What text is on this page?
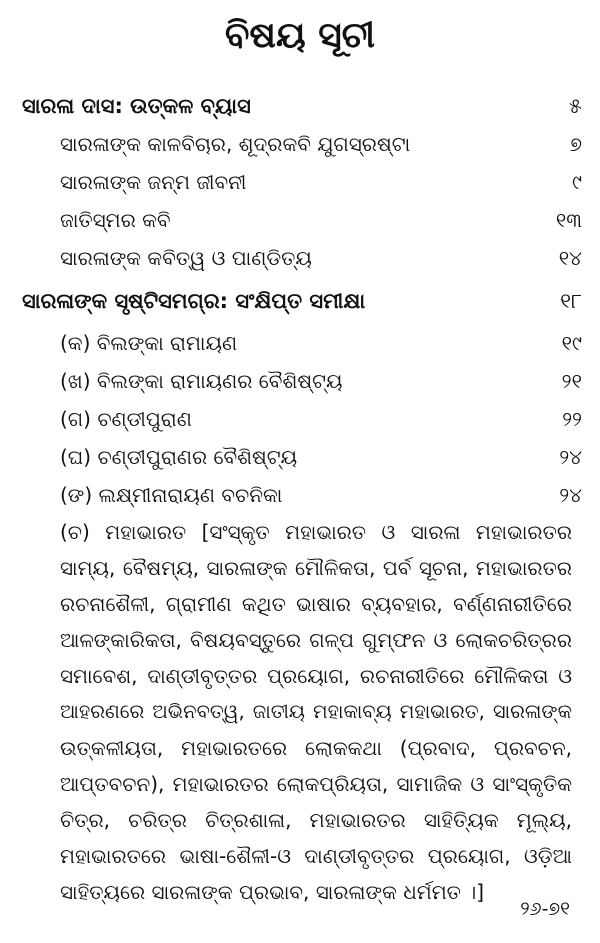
ବିଷୟ ସୂଚୀ
ସାରଳା ଦାସ: ଉତ୍କଳ ବ୍ୟାସ	୫
ସାରଳାଙ୍କ କାଳବିଚାର, ଶୂଦ୍ରକବି ଯୁଗସ୍ରଷ୍ଟା	୭
ସାରଳାଙ୍କ ଜନ୍ମ ଜୀବନୀ	୯
ଜାତିସ୍ମର କବି	୧୩
ସାରଳାଙ୍କ କବିତ୍ୱ ଓ ପାଣ୍ଡିତ୍ୟ	୧୪
ସାରଳାଙ୍କ ସୃଷ୍ଟିସମଗ୍ର: ସଂକ୍ଷିପ୍ତ ସମୀକ୍ଷା	୧୮
(କ) ବିଲଙ୍କା ରାମାୟଣ	୧୯
(ଖ) ବିଲଙ୍କା ରାମାୟଣର ବୈଶିଷ୍ଟ୍ୟ	୨୧
(ଗ) ଚଣ୍ଡୀପୁରାଣ	୨୨
(ଘ) ଚଣ୍ଡୀପୁରାଣର ବୈଶିଷ୍ଟ୍ୟ	୨୪
(ଙ) ଲକ୍ଷ୍ମୀନାରାୟଣ ବଚନିକା	୨୪
(ଚ) ମହାଭାରତ [ସଂସ୍କୃତ ମହାଭାରତ ଓ ସାରଳା ମହାଭାରତର
ସାମ୍ୟ, ବୈଷମ୍ୟ, ସାରଳାଙ୍କ ମୌଳିକତା, ପର୍ବ ସୂଚନା, ମହାଭାରତର
ରଚନାଶୈଳୀ, ଗ୍ରାମୀଣ କଥିତ ଭାଷାର ବ୍ୟବହାର, ବର୍ଣ୍ଣନାରୀତିରେ
ଆଳଙ୍କାରିକତା, ବିଷୟବସ୍ତୁରେ ଗଳ୍ପ ଗୁମ୍ଫନ ଓ ଲୋକଚରିତ୍ରର
ସମାବେଶ, ଦାଣ୍ଡୀବୃତ୍ତର ପ୍ରୟୋଗ, ରଚନାରୀତିରେ ମୌଳିକତା ଓ
ଆହରଣରେ ଅଭିନବତ୍ୱ, ଜାତୀୟ ମହାକାବ୍ୟ ମହାଭାରତ, ସାରଳାଙ୍କ
ଉତ୍କଳୀୟତା, ମହାଭାରତରେ ଲୋକକଥା (ପ୍ରବାଦ, ପ୍ରବଚନ,
ଆପ୍ତବଚନ), ମହାଭାରତର ଲୋକପ୍ରିୟତା, ସାମାଜିକ ଓ ସାଂସ୍କୃତିକ
ଚିତ୍ର, ଚରିତ୍ର ଚିତ୍ରଶାଳା, ମହାଭାରତର ସାହିତ୍ୟିକ ମୂଲ୍ୟ,
ମହାଭାରତରେ ଭାଷା-ଶୈଳୀ-ଓ ଦାଣ୍ଡୀବୃତ୍ତର ପ୍ରୟୋଗ, ଓଡ଼ିଆ
ସାହିତ୍ୟରେ ସାରଳାଙ୍କ ପ୍ରଭାବ, ସାରଳାଙ୍କ ଧର୍ମମତ ।]
୨୬-୭୧
